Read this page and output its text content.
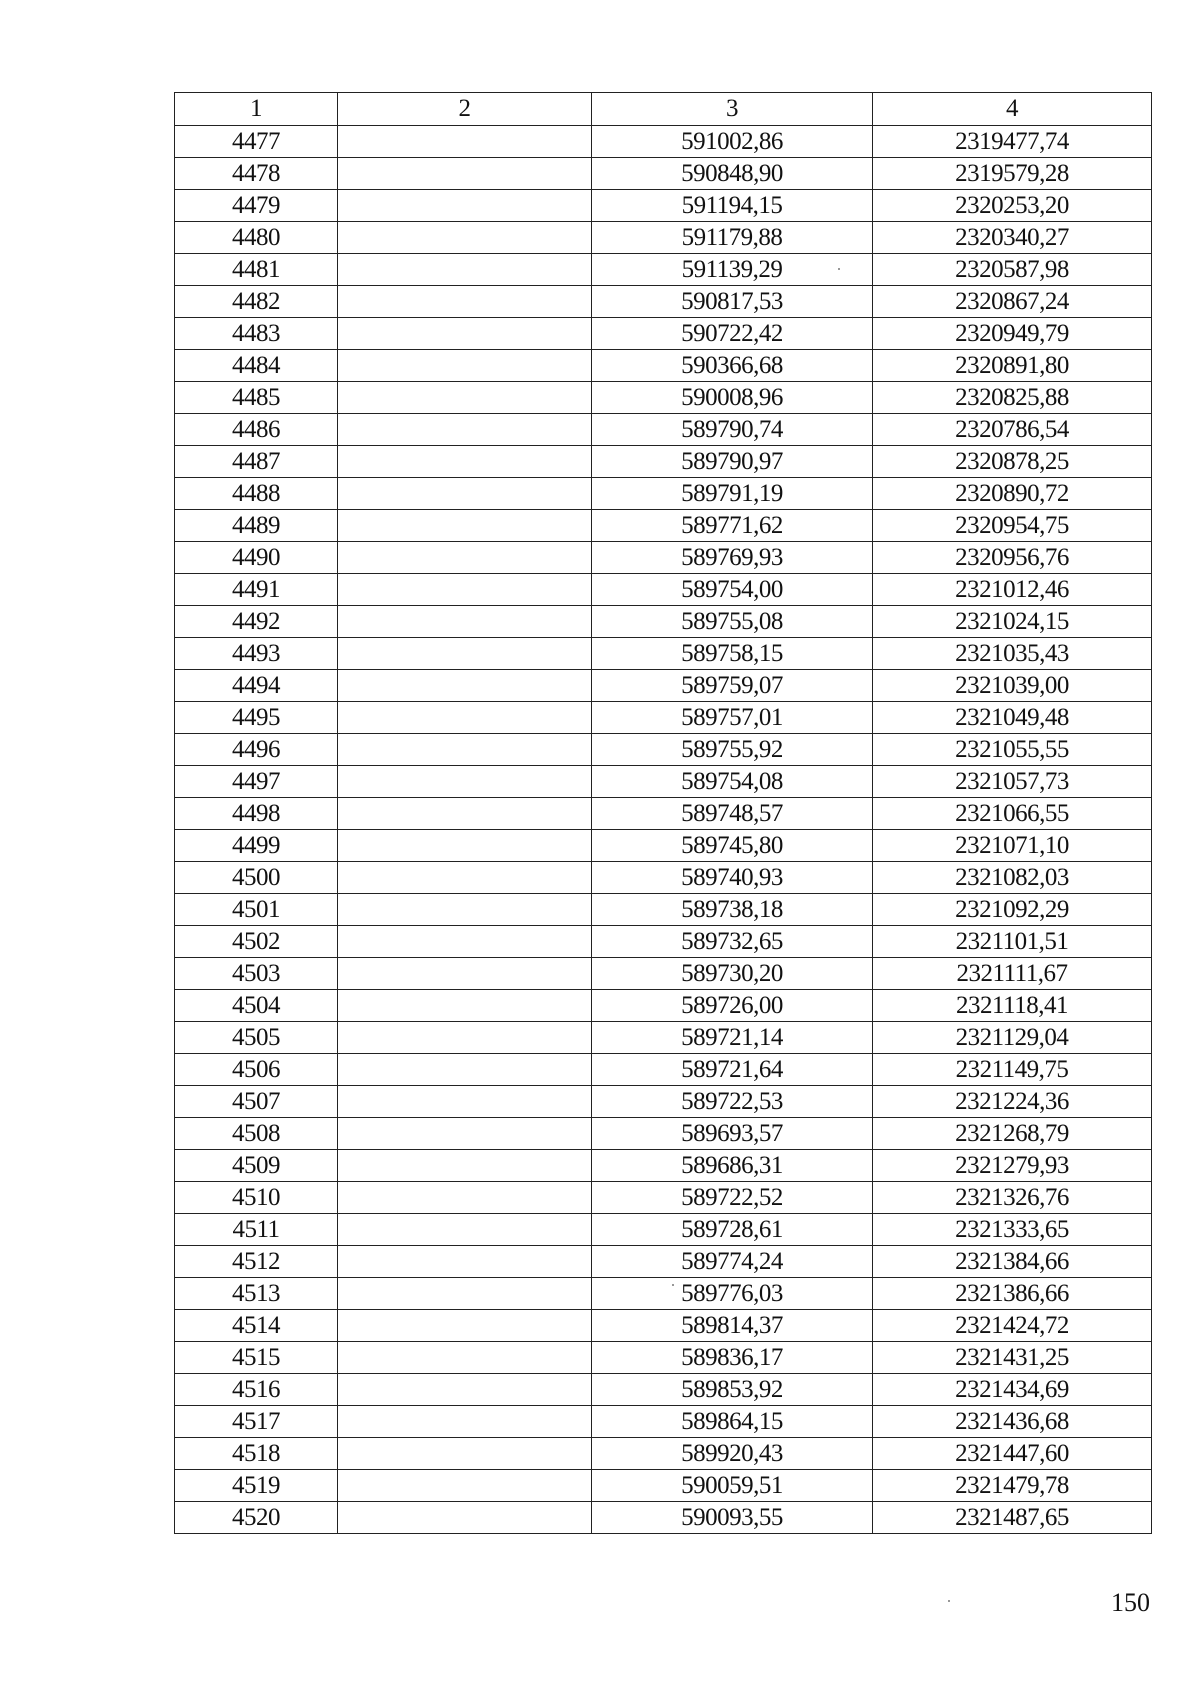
1	2	3	4
4477		591002,86	2319477,74
4478		590848,90	2319579,28
4479		591194,15	2320253,20
4480		591179,88	2320340,27
4481		591139,29	2320587,98
4482		590817,53	2320867,24
4483		590722,42	2320949,79
4484		590366,68	2320891,80
4485		590008,96	2320825,88
4486		589790,74	2320786,54
4487		589790,97	2320878,25
4488		589791,19	2320890,72
4489		589771,62	2320954,75
4490		589769,93	2320956,76
4491		589754,00	2321012,46
4492		589755,08	2321024,15
4493		589758,15	2321035,43
4494		589759,07	2321039,00
4495		589757,01	2321049,48
4496		589755,92	2321055,55
4497		589754,08	2321057,73
4498		589748,57	2321066,55
4499		589745,80	2321071,10
4500		589740,93	2321082,03
4501		589738,18	2321092,29
4502		589732,65	2321101,51
4503		589730,20	2321111,67
4504		589726,00	2321118,41
4505		589721,14	2321129,04
4506		589721,64	2321149,75
4507		589722,53	2321224,36
4508		589693,57	2321268,79
4509		589686,31	2321279,93
4510		589722,52	2321326,76
4511		589728,61	2321333,65
4512		589774,24	2321384,66
4513		589776,03	2321386,66
4514		589814,37	2321424,72
4515		589836,17	2321431,25
4516		589853,92	2321434,69
4517		589864,15	2321436,68
4518		589920,43	2321447,60
4519		590059,51	2321479,78
4520		590093,55	2321487,65
150
